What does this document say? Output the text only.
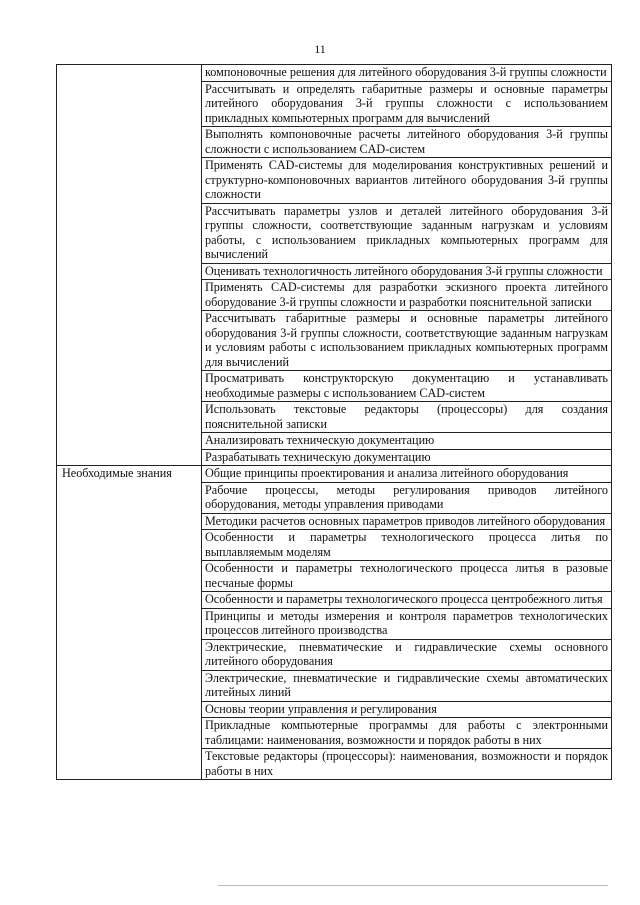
11
	компоновочные решения для литейного оборудования 3-й группы сложности
	Рассчитывать и определять габаритные размеры и основные параметры литейного оборудования 3-й группы сложности с использованием прикладных компьютерных программ для вычислений
	Выполнять компоновочные расчеты литейного оборудования 3-й группы сложности с использованием CAD-систем
	Применять CAD-системы для моделирования конструктивных решений и структурно-компоновочных вариантов литейного оборудования 3-й группы сложности
	Рассчитывать параметры узлов и деталей литейного оборудования 3-й группы сложности, соответствующие заданным нагрузкам и условиям работы, с использованием прикладных компьютерных программ для вычислений
	Оценивать технологичность литейного оборудования 3-й группы сложности
	Применять CAD-системы для разработки эскизного проекта литейного оборудование 3-й группы сложности и разработки пояснительной записки
	Рассчитывать габаритные размеры и основные параметры литейного оборудования 3-й группы сложности, соответствующие заданным нагрузкам и условиям работы с использованием прикладных компьютерных программ для вычислений
	Просматривать конструкторскую документацию и устанавливать необходимые размеры с использованием CAD-систем
	Использовать текстовые редакторы (процессоры) для создания пояснительной записки
	Анализировать техническую документацию
	Разрабатывать техническую документацию
Необходимые знания	Общие принципы проектирования и анализа литейного оборудования
	Рабочие процессы, методы регулирования приводов литейного оборудования, методы управления приводами
	Методики расчетов основных параметров приводов литейного оборудования
	Особенности и параметры технологического процесса литья по выплавляемым моделям
	Особенности и параметры технологического процесса литья в разовые песчаные формы
	Особенности и параметры технологического процесса центробежного литья
	Принципы и методы измерения и контроля параметров технологических процессов литейного производства
	Электрические, пневматические и гидравлические схемы основного литейного оборудования
	Электрические, пневматические и гидравлические схемы автоматических литейных линий
	Основы теории управления и регулирования
	Прикладные компьютерные программы для работы с электронными таблицами: наименования, возможности и порядок работы в них
	Текстовые редакторы (процессоры): наименования, возможности и порядок работы в них
